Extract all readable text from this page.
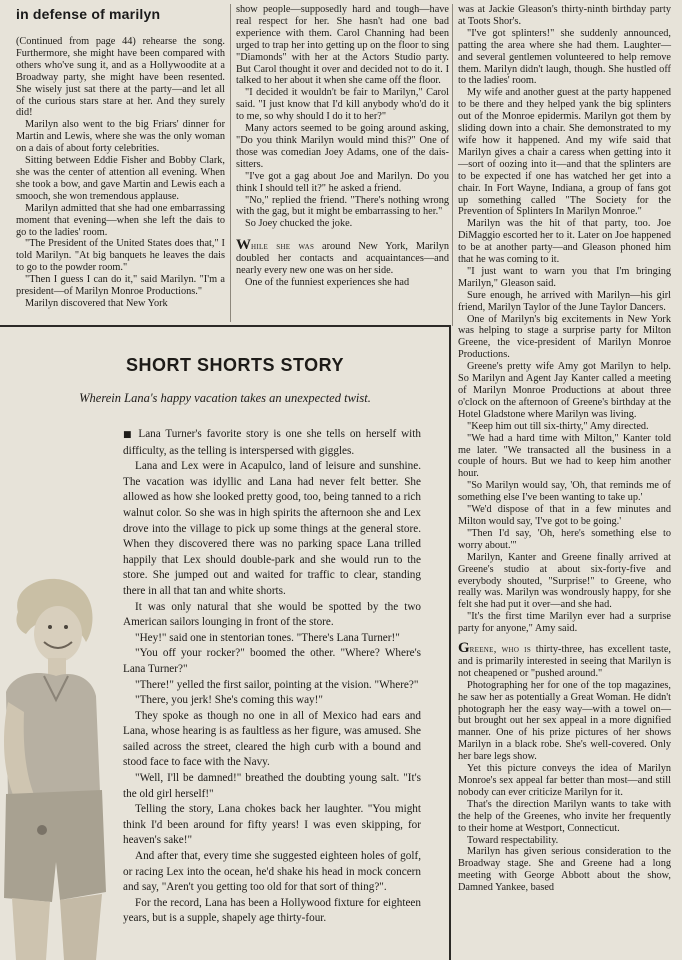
in defense of marilyn

(Continued from page 44) rehearse the song. Furthermore, she might have been compared with others who've sung it, and as a Hollywoodite at a Broadway party, she might have been resented. She wisely just sat there at the party—and let all of the curious stars stare at her. And they surely did!

Marilyn also went to the big Friars' dinner for Martin and Lewis, where she was the only woman on a dais of about forty celebrities.

Sitting between Eddie Fisher and Bobby Clark, she was the center of attention all evening. When she took a bow, and gave Martin and Lewis each a smooch, she won tremendous applause.

Marilyn admitted that she had one embarrassing moment that evening—when she left the dais to go to the ladies' room.

"The President of the United States does that," I told Marilyn. "At big banquets he leaves the dais to go to the powder room."

"Then I guess I can do it," said Marilyn. "I'm a president—of Marilyn Monroe Productions."

Marilyn discovered that New York

show people—supposedly hard and tough—have real respect for her. She hasn't had one bad experience with them. Carol Channing had been urged to trap her into getting up on the floor to sing "Diamonds" with her at the Actors Studio party. But Carol thought it over and decided not to do it. I talked to her about it when she came off the floor.

"I decided it wouldn't be fair to Marilyn," Carol said. "I just know that I'd kill anybody who'd do it to me, so why should I do it to her?"

Many actors seemed to be going around asking, "Do you think Marilyn would mind this?" One of those was comedian Joey Adams, one of the dais-sitters.

"I've got a gag about Joe and Marilyn. Do you think I should tell it?" he asked a friend.

"No," replied the friend. "There's nothing wrong with the gag, but it might be embarrassing to her."

So Joey chucked the joke.

While she was around New York, Marilyn doubled her contacts and acquaintances—and nearly every new one was on her side.

One of the funniest experiences she had

was at Jackie Gleason's thirty-ninth birthday party at Toots Shor's.

"I've got splinters!" she suddenly announced, patting the area where she had them. Laughter—and several gentlemen volunteered to help remove them. Marilyn didn't laugh, though. She hustled off to the ladies' room.

My wife and another guest at the party happened to be there and they helped yank the big splinters out of the Monroe epidermis. Marilyn got them by sliding down into a chair. She demonstrated to my wife how it happened. And my wife said that Marilyn gives a chair a caress when getting into it—sort of oozing into it—and that the splinters are to be expected if one has watched her get into a chair. In Fort Wayne, Indiana, a group of fans got up something called "The Society for the Prevention of Splinters In Marilyn Monroe."

Marilyn was the hit of that party, too. Joe DiMaggio escorted her to it. Later on Joe happened to be at another party—and Gleason phoned him that he was coming to it.

"I just want to warn you that I'm bringing Marilyn," Gleason said.

Sure enough, he arrived with Marilyn—his girl friend, Marilyn Taylor of the June Taylor Dancers.

One of Marilyn's big excitements in New York was helping to stage a surprise party for Milton Greene, the vice-president of Marilyn Monroe Productions.

Greene's pretty wife Amy got Marilyn to help. So Marilyn and Agent Jay Kanter called a meeting of Marilyn Monroe Productions at about three o'clock on the afternoon of Greene's birthday at the Hotel Gladstone where Marilyn was living.

"Keep him out till six-thirty," Amy directed.

"We had a hard time with Milton," Kanter told me later. "We transacted all the business in a couple of hours. But we had to keep him another hour.

"So Marilyn would say, 'Oh, that reminds me of something else I've been wanting to take up.'

"We'd dispose of that in a few minutes and Milton would say, 'I've got to be going.'

"Then I'd say, 'Oh, here's something else to worry about.'"

Marilyn, Kanter and Greene finally arrived at Greene's studio at about six-forty-five and everybody shouted, "Surprise!" to Greene, who really was. Marilyn was wondrously happy, for she felt she had put it over—and she had.

"It's the first time Marilyn ever had a surprise party for anyone," Amy said.

Greene, who is thirty-three, has excellent taste, and is primarily interested in seeing that Marilyn is not cheapened or "pushed around."

Photographing her for one of the top magazines, he saw her as potentially a Great Woman. He didn't photograph her the easy way—with a towel on—but brought out her sex appeal in a more dignified manner. One of his prize pictures of her shows Marilyn in a black robe. She's well-covered. Only her bare legs show.

Yet this picture conveys the idea of Marilyn Monroe's sex appeal far better than most—and still nobody can ever criticize Marilyn for it.

That's the direction Marilyn wants to take with the help of the Greenes, who invite her frequently to their home at Westport, Connecticut.

Toward respectability.

Marilyn has given serious consideration to the Broadway stage. She and Greene had a long meeting with George Abbott about the show, Damned Yankee, based

SHORT SHORTS STORY
Wherein Lana's happy vacation takes an unexpected twist.

■ Lana Turner's favorite story is one she tells on herself with difficulty, as the telling is interspersed with giggles.

Lana and Lex were in Acapulco, land of leisure and sunshine. The vacation was idyllic and Lana had never felt better. She allowed as how she looked pretty good, too, being tanned to a rich walnut color. So she was in high spirits the afternoon she and Lex drove into the village to pick up some things at the general store. When they discovered there was no parking space Lana trilled happily that Lex should double-park and she would run to the store. She jumped out and waited for traffic to clear, standing there in all that tan and white shorts.

It was only natural that she would be spotted by the two American sailors lounging in front of the store.

"Hey!" said one in stentorian tones. "There's Lana Turner!"

"You off your rocker?" boomed the other. "Where? Where's Lana Turner?"

"There!" yelled the first sailor, pointing at the vision. "Where?"

"There, you jerk! She's coming this way!"

They spoke as though no one in all of Mexico had ears and Lana, whose hearing is as faultless as her figure, was amused. She sailed across the street, cleared the high curb with a bound and stood face to face with the Navy.

"Well, I'll be damned!" breathed the doubting young salt. "It's the old girl herself!"

Telling the story, Lana chokes back her laughter. "You might think I'd been around for fifty years! I was even skipping, for heaven's sake!"

And after that, every time she suggested eighteen holes of golf, or racing Lex into the ocean, he'd shake his head in mock concern and say, "Aren't you getting too old for that sort of thing?".

For the record, Lana has been a Hollywood fixture for eighteen years, but is a supple, shapely age thirty-four.
